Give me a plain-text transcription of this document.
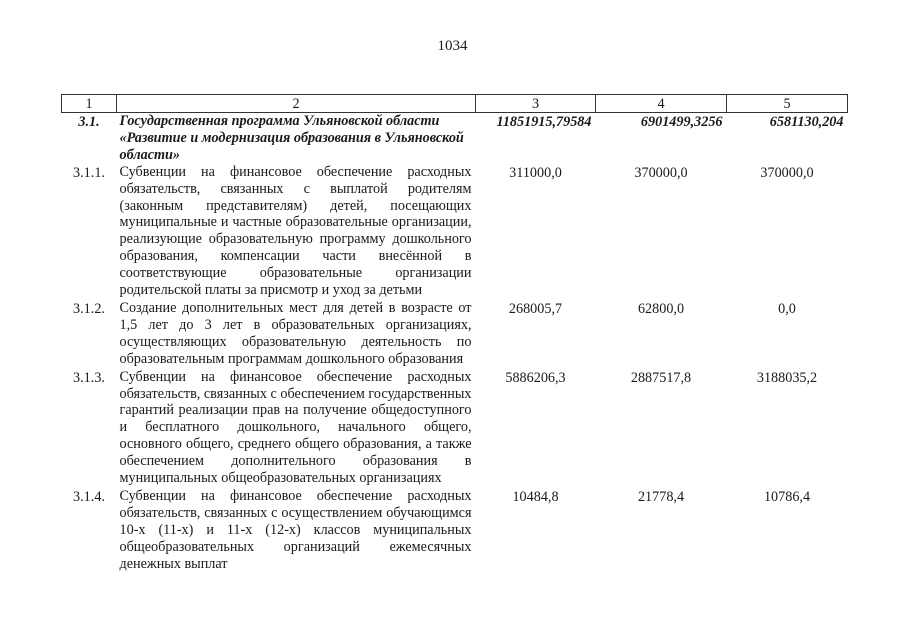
1034
1	2	3	4	5
3.1.	Государственная программа Ульяновской области «Развитие и модернизация образования в Ульяновской области»	11851915,79584	6901499,3256	6581130,204
3.1.1.	Субвенции на финансовое обеспечение расходных обязательств, связанных с выплатой родителям (законным представителям) детей, посещающих муниципальные и частные образовательные организации, реализующие образовательную программу дошкольного образования, компенсации части внесённой в соответствующие образовательные организации родительской платы за присмотр и уход за детьми	311000,0	370000,0	370000,0
3.1.2.	Создание дополнительных мест для детей в возрасте от 1,5 лет до 3 лет в образовательных организациях, осуществляющих образовательную деятельность по образовательным программам дошкольного образования	268005,7	62800,0	0,0
3.1.3.	Субвенции на финансовое обеспечение расходных обязательств, связанных с обеспечением государственных гарантий реализации прав на получение общедоступного и бесплатного дошкольного, начального общего, основного общего, среднего общего образования, а также обеспечением дополнительного образования в муниципальных общеобразовательных организациях	5886206,3	2887517,8	3188035,2
3.1.4.	Субвенции на финансовое обеспечение расходных обязательств, связанных с осуществлением обучающимся 10-х (11-х) и 11-х (12-х) классов муниципальных общеобразовательных организаций ежемесячных денежных выплат	10484,8	21778,4	10786,4
